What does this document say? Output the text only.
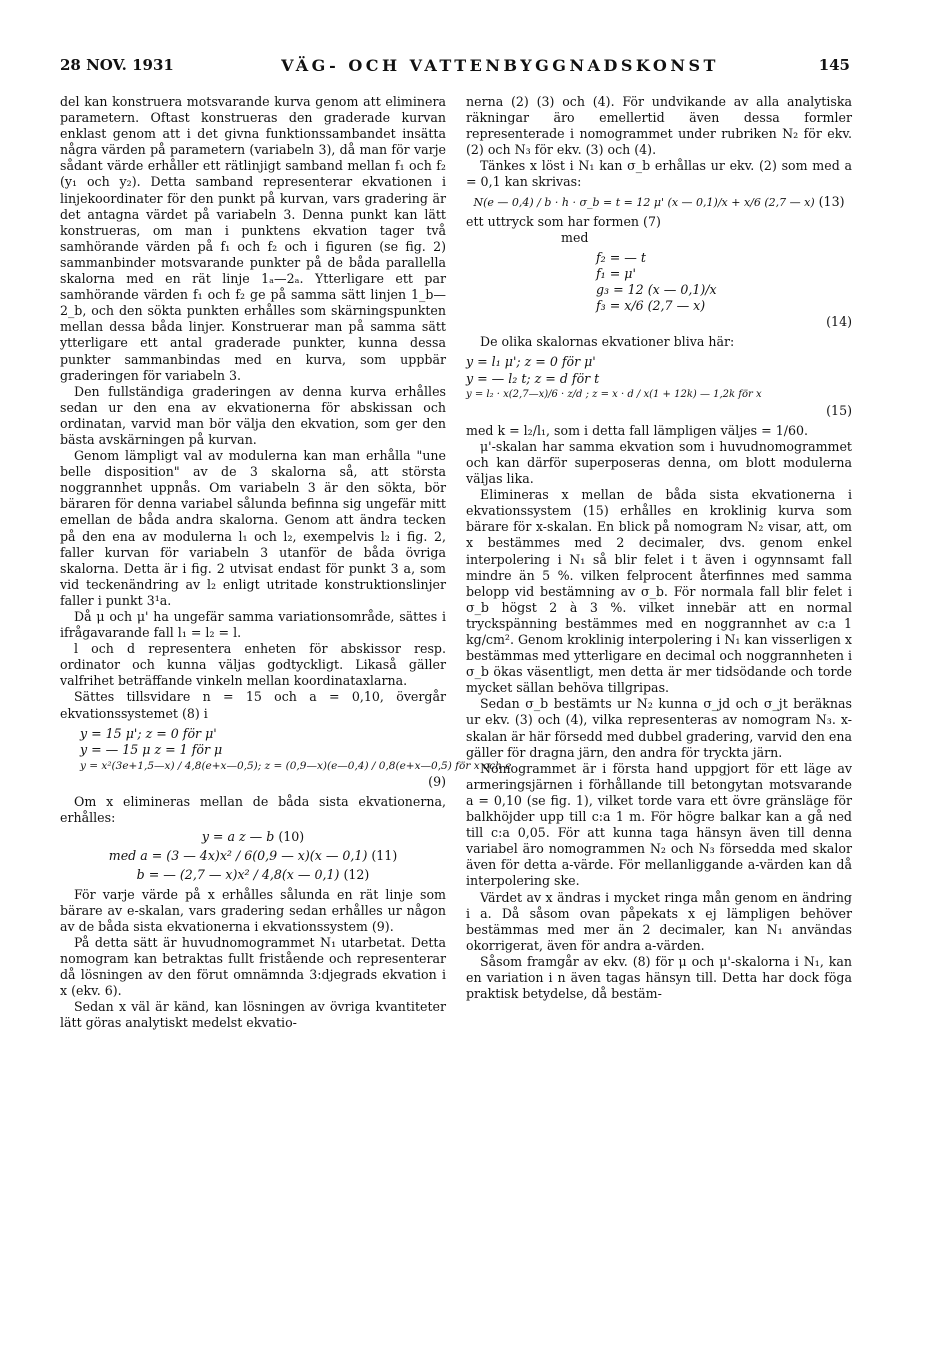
28 NOV. 1931	VÄG- OCH VATTENBYGGNADSKONST	145

del kan konstruera motsvarande kurva genom att eliminera parametern. Oftast konstrueras den graderade kurvan enklast genom att i det givna funktionssambandet insätta några värden på parametern (variabeln 3), då man för varje sådant värde erhåller ett rätlinjigt samband mellan f₁ och f₂ (y₁ och y₂). Detta samband representerar ekvationen i linjekoordinater för den punkt på kurvan, vars gradering är det antagna värdet på variabeln 3. Denna punkt kan lätt konstrueras, om man i punktens ekvation tager två samhörande värden på f₁ och f₂ och i figuren (se fig. 2) sammanbinder motsvarande punkter på de båda parallella skalorna med en rät linje 1ₐ—2ₐ. Ytterligare ett par samhörande värden f₁ och f₂ ge på samma sätt linjen 1_b—2_b, och den sökta punkten erhålles som skärningspunkten mellan dessa båda linjer. Konstruerar man på samma sätt ytterligare ett antal graderade punkter, kunna dessa punkter sammanbindas med en kurva, som uppbär graderingen för variabeln 3.

Den fullständiga graderingen av denna kurva erhålles sedan ur den ena av ekvationerna för abskissan och ordinatan, varvid man bör välja den ekvation, som ger den bästa avskärningen på kurvan.

Genom lämpligt val av modulerna kan man erhålla "une belle disposition" av de 3 skalorna så, att största noggrannhet uppnås. Om variabeln 3 är den sökta, bör bäraren för denna variabel sålunda befinna sig ungefär mitt emellan de båda andra skalorna. Genom att ändra tecken på den ena av modulerna l₁ och l₂, exempelvis l₂ i fig. 2, faller kurvan för variabeln 3 utanför de båda övriga skalorna. Detta är i fig. 2 utvisat endast för punkt 3 a, som vid teckenändring av l₂ enligt utritade konstruktionslinjer faller i punkt 3¹a.

Då μ och μ' ha ungefär samma variationsområde, sättes i ifrågavarande fall l₁ = l₂ = l.

l och d representera enheten för abskissor resp. ordinator och kunna väljas godtyckligt. Likaså gäller valfrihet beträffande vinkeln mellan koordinataxlarna.

Sättes tillsvidare n = 15 och a = 0,10, övergår ekvationssystemet (8) i

y = 15 μ'; z = 0 för μ'
y = — 15 μ z = 1 för μ
y = x²(3e+1,5—x) / 4,8(e+x—0,5); z = (0,9—x)(e—0,4) / 0,8(e+x—0,5) för x och e
(9)

Om x elimineras mellan de båda sista ekvationerna, erhålles:

y = a z — b (10)
med a = (3 — 4x)x² / 6(0,9 — x)(x — 0,1) (11)
b = — (2,7 — x)x² / 4,8(x — 0,1) (12)

För varje värde på x erhålles sålunda en rät linje som bärare av e-skalan, vars gradering sedan erhålles ur någon av de båda sista ekvationerna i ekvationssystem (9).

På detta sätt är huvudnomogrammet N₁ utarbetat. Detta nomogram kan betraktas fullt fristående och representerar då lösningen av den förut omnämnda 3:djegrads ekvation i x (ekv. 6).

Sedan x väl är känd, kan lösningen av övriga kvantiteter lätt göras analytiskt medelst ekvatio-

nerna (2) (3) och (4). För undvikande av alla analytiska räkningar äro emellertid även dessa formler representerade i nomogrammet under rubriken N₂ för ekv. (2) och N₃ för ekv. (3) och (4).

Tänkes x löst i N₁ kan σ_b erhållas ur ekv. (2) som med a = 0,1 kan skrivas:

N(e — 0,4) / b · h · σ_b = t = 12 μ' (x — 0,1)/x + x/6 (2,7 — x) (13)

ett uttryck som har formen (7)

med

f₂ = — t
f₁ = μ'
g₃ = 12 (x — 0,1)/x
f₃ = x/6 (2,7 — x)
(14)

De olika skalornas ekvationer bliva här:

y = l₁ μ'; z = 0 för μ'
y = — l₂ t; z = d för t
y = l₂ · x(2,7—x)/6 · z/d ; z = x · d / x(1 + 12k) — 1,2k för x
(15)

med k = l₂/l₁, som i detta fall lämpligen väljes = 1/60.

μ'-skalan har samma ekvation som i huvudnomogrammet och kan därför superposeras denna, om blott modulerna väljas lika.

Elimineras x mellan de båda sista ekvationerna i ekvationssystem (15) erhålles en kroklinig kurva som bärare för x-skalan. En blick på nomogram N₂ visar, att, om x bestämmes med 2 decimaler, dvs. genom enkel interpolering i N₁ så blir felet i t även i ogynnsamt fall mindre än 5 %. vilken felprocent återfinnes med samma belopp vid bestämning av σ_b. För normala fall blir felet i σ_b högst 2 à 3 %. vilket innebär att en normal tryckspänning bestämmes med en noggrannhet av c:a 1 kg/cm². Genom kroklinig interpolering i N₁ kan visserligen x bestämmas med ytterligare en decimal och noggrannheten i σ_b ökas väsentligt, men detta är mer tidsödande och torde mycket sällan behöva tillgripas.

Sedan σ_b bestämts ur N₂ kunna σ_jd och σ_jt beräknas ur ekv. (3) och (4), vilka representeras av nomogram N₃. x-skalan är här försedd med dubbel gradering, varvid den ena gäller för dragna järn, den andra för tryckta järn.

Nomogrammet är i första hand uppgjort för ett läge av armeringsjärnen i förhållande till betongytan motsvarande a = 0,10 (se fig. 1), vilket torde vara ett övre gränsläge för balkhöjder upp till c:a 1 m. För högre balkar kan a gå ned till c:a 0,05. För att kunna taga hänsyn även till denna variabel äro nomogrammen N₂ och N₃ försedda med skalor även för detta a-värde. För mellanliggande a-värden kan då interpolering ske.

Värdet av x ändras i mycket ringa mån genom en ändring i a. Då såsom ovan påpekats x ej lämpligen behöver bestämmas med mer än 2 decimaler, kan N₁ användas okorrigerat, även för andra a-värden.

Såsom framgår av ekv. (8) för μ och μ'-skalorna i N₁, kan en variation i n även tagas hänsyn till. Detta har dock föga praktisk betydelse, då bestäm-
